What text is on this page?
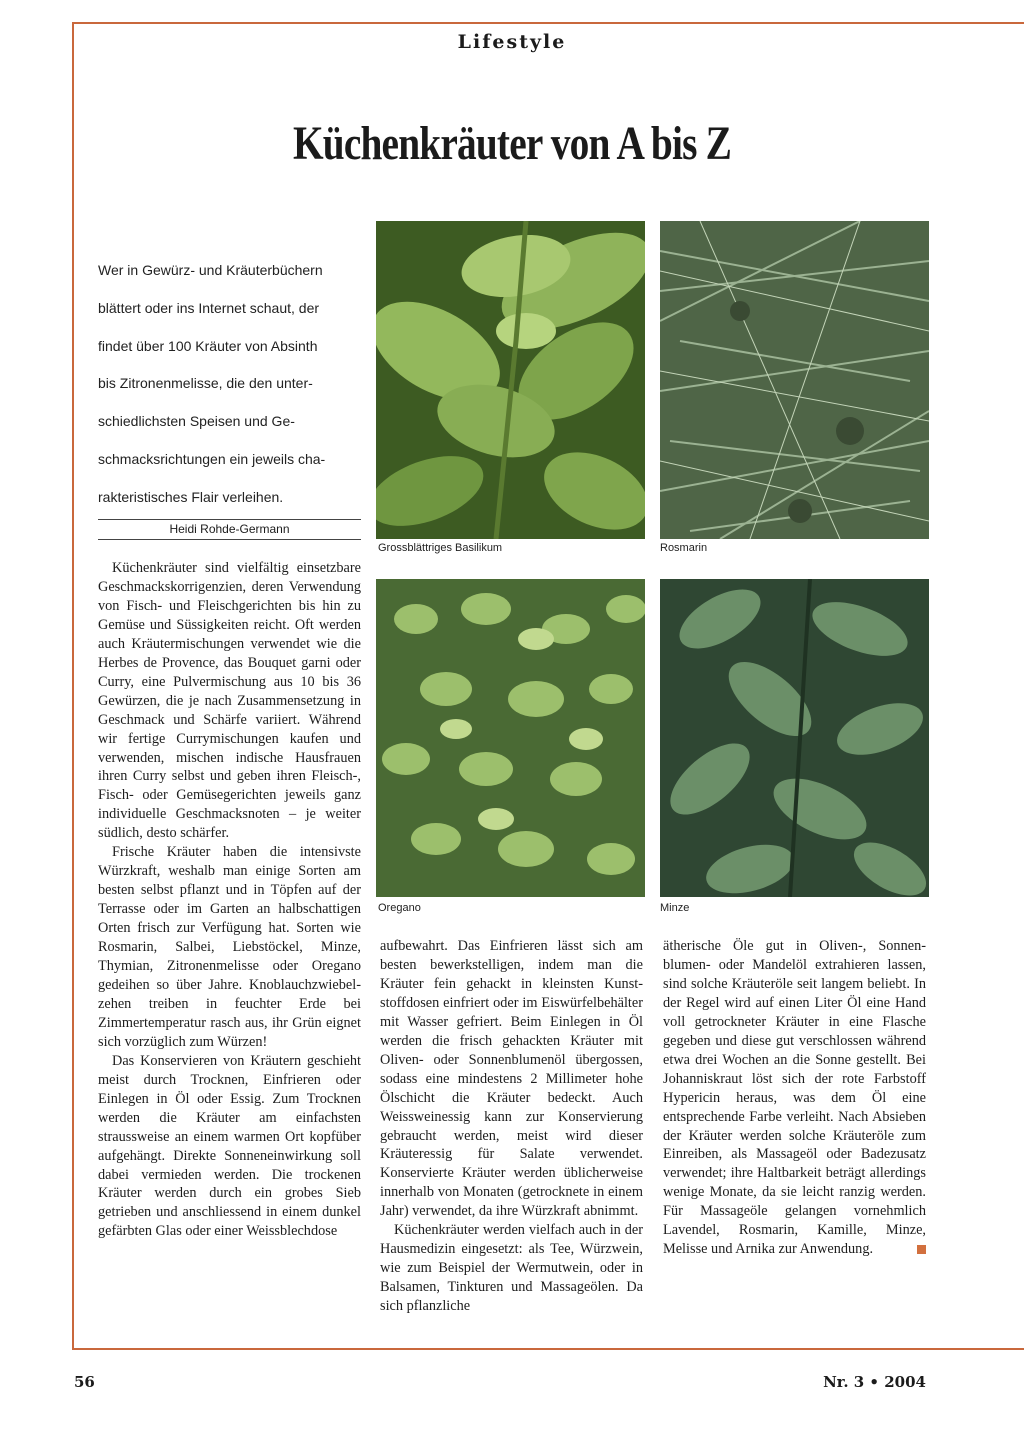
Lifestyle
Küchenkräuter von A bis Z
Wer in Gewürz- und Kräuterbüchern
blättert oder ins Internet schaut, der
findet über 100 Kräuter von Absinth
bis Zitronenmelisse, die den unter-
schiedlichsten Speisen und Ge-
schmacksrichtungen ein jeweils cha-
rakteristisches Flair verleihen.
Heidi Rohde-Germann
Grossblättriges Basilikum	Rosmarin
Oregano	Minze

Küchenkräuter sind vielfältig einsetzbare Geschmackskorrigenzien, deren Verwendung von Fisch- und Fleischgerichten bis hin zu Gemüse und Süssigkeiten reicht. Oft werden auch Kräutermischungen verwendet wie die Herbes de Provence, das Bouquet garni oder Curry, eine Pulvermischung aus 10 bis 36 Gewürzen, die je nach Zusammensetzung in Geschmack und Schärfe variiert. Während wir fertige Currymischungen kaufen und verwenden, mischen indische Hausfrauen ihren Curry selbst und geben ihren Fleisch-, Fisch- oder Gemüsegerichten jeweils ganz individuelle Geschmacksnoten – je weiter südlich, desto schärfer.

Frische Kräuter haben die intensivste Würzkraft, weshalb man einige Sorten am besten selbst pflanzt und in Töpfen auf der Terrasse oder im Garten an halbschattigen Orten frisch zur Verfügung hat. Sorten wie Rosmarin, Salbei, Liebstöckel, Minze, Thymian, Zitronenmelisse oder Oregano gedeihen so über Jahre. Knoblauchzwiebelzehen treiben in feuchter Erde bei Zimmertemperatur rasch aus, ihr Grün eignet sich vorzüglich zum Würzen!

Das Konservieren von Kräutern geschieht meist durch Trocknen, Einfrieren oder Einlegen in Öl oder Essig. Zum Trocknen werden die Kräuter am einfachsten straussweise an einem warmen Ort kopfüber aufgehängt. Direkte Sonneneinwirkung soll dabei vermieden werden. Die trockenen Kräuter werden durch ein grobes Sieb getrieben und anschliessend in einem dunkel gefärbten Glas oder einer Weissblechdose

aufbewahrt. Das Einfrieren lässt sich am besten bewerkstelligen, indem man die Kräuter fein gehackt in kleinsten Kunststoffdosen einfriert oder im Eiswürfelbehälter mit Wasser gefriert. Beim Einlegen in Öl werden die frisch gehackten Kräuter mit Oliven- oder Sonnenblumenöl übergossen, sodass eine mindestens 2 Millimeter hohe Ölschicht die Kräuter bedeckt. Auch Weissweinessig kann zur Konservierung gebraucht werden, meist wird dieser Kräuteressig für Salate verwendet. Konservierte Kräuter werden üblicherweise innerhalb von Monaten (getrocknete in einem Jahr) verwendet, da ihre Würzkraft abnimmt.

Küchenkräuter werden vielfach auch in der Hausmedizin eingesetzt: als Tee, Würzwein, wie zum Beispiel der Wermutwein, oder in Balsamen, Tinkturen und Massageölen. Da sich pflanzliche

ätherische Öle gut in Oliven-, Sonnenblumen- oder Mandelöl extrahieren lassen, sind solche Kräuteröle seit langem beliebt. In der Regel wird auf einen Liter Öl eine Hand voll getrockneter Kräuter in eine Flasche gegeben und diese gut verschlossen während etwa drei Wochen an die Sonne gestellt. Bei Johanniskraut löst sich der rote Farbstoff Hypericin heraus, was dem Öl eine entsprechende Farbe verleiht. Nach Absieben der Kräuter werden solche Kräuteröle zum Einreiben, als Massageöl oder Badezusatz verwendet; ihre Haltbarkeit beträgt allerdings wenige Monate, da sie leicht ranzig werden. Für Massageöle gelangen vornehmlich Lavendel, Rosmarin, Kamille, Minze, Melisse und Arnika zur Anwendung.

56	Nr. 3 • 2004
